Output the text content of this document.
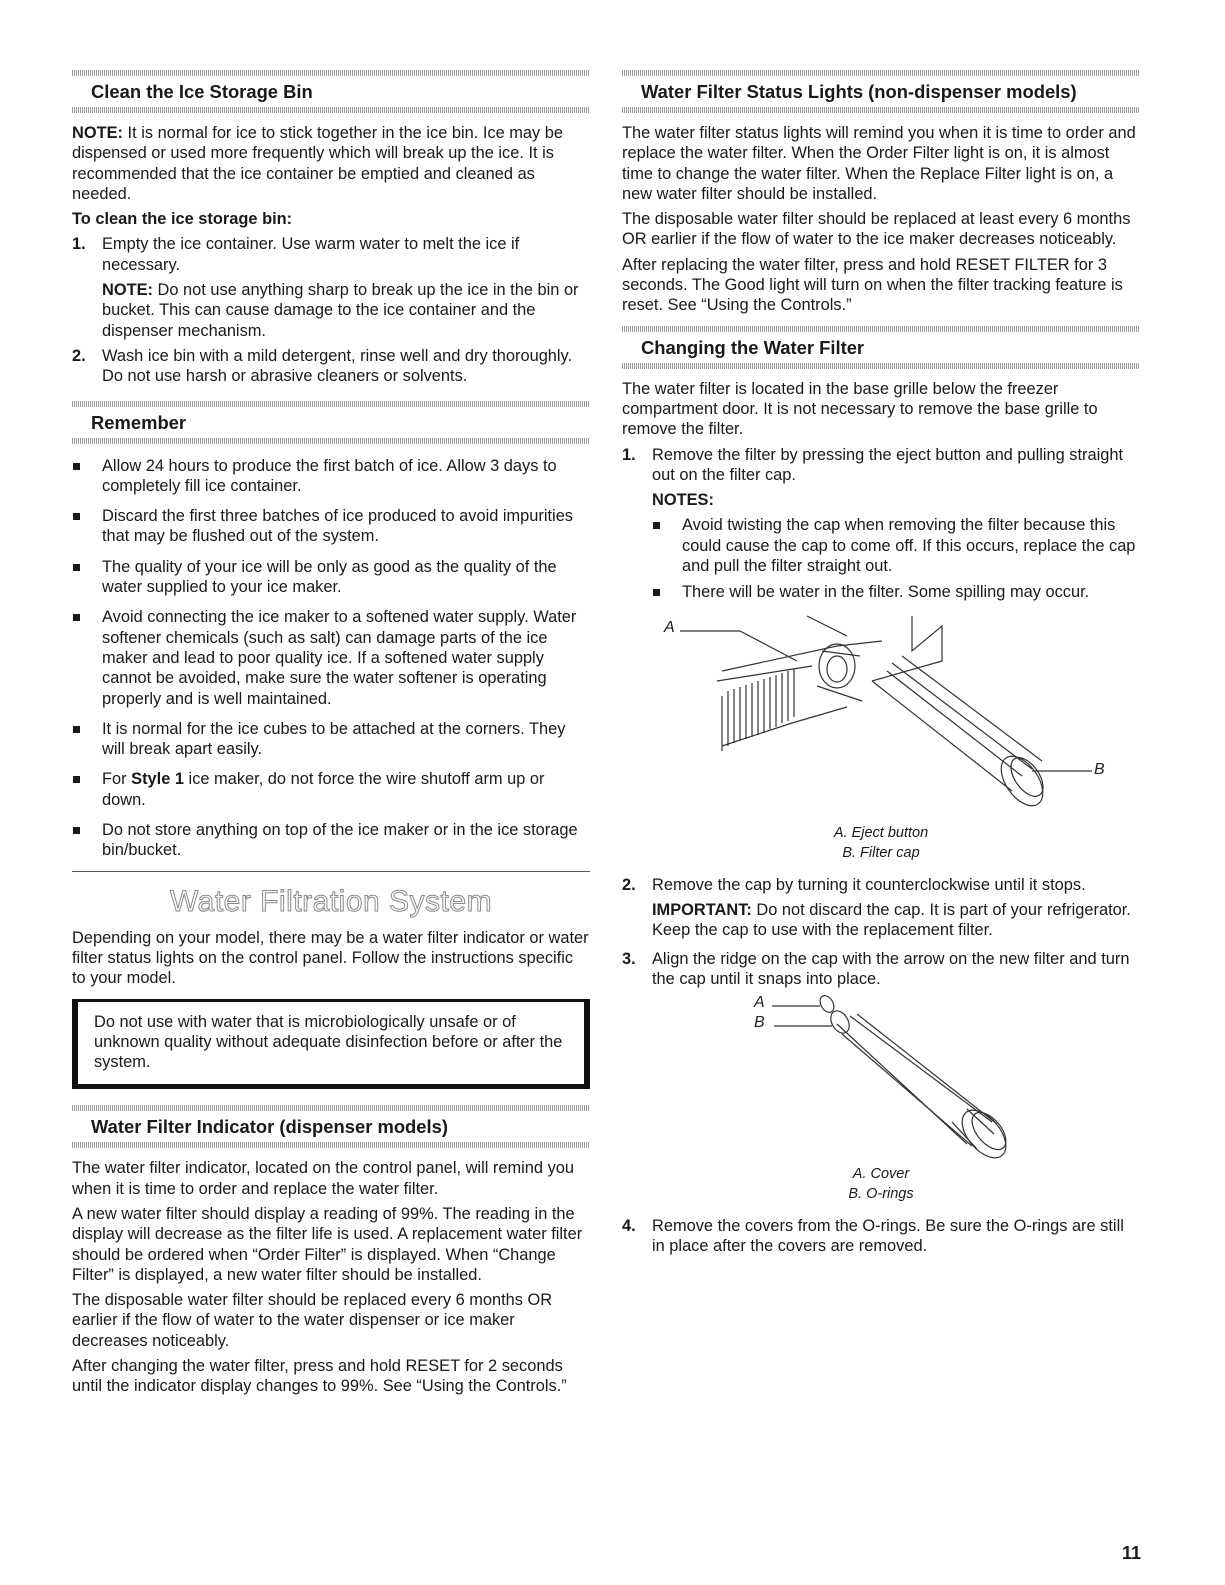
Clean the Ice Storage Bin

NOTE: It is normal for ice to stick together in the ice bin. Ice may be dispensed or used more frequently which will break up the ice. It is recommended that the ice container be emptied and cleaned as needed.

To clean the ice storage bin:

1. Empty the ice container. Use warm water to melt the ice if necessary.
NOTE: Do not use anything sharp to break up the ice in the bin or bucket. This can cause damage to the ice container and the dispenser mechanism.
2. Wash ice bin with a mild detergent, rinse well and dry thoroughly. Do not use harsh or abrasive cleaners or solvents.
Remember
Allow 24 hours to produce the first batch of ice. Allow 3 days to completely fill ice container.
Discard the first three batches of ice produced to avoid impurities that may be flushed out of the system.
The quality of your ice will be only as good as the quality of the water supplied to your ice maker.
Avoid connecting the ice maker to a softened water supply. Water softener chemicals (such as salt) can damage parts of the ice maker and lead to poor quality ice. If a softened water supply cannot be avoided, make sure the water softener is operating properly and is well maintained.
It is normal for the ice cubes to be attached at the corners. They will break apart easily.
For Style 1 ice maker, do not force the wire shutoff arm up or down.
Do not store anything on top of the ice maker or in the ice storage bin/bucket.
Water Filtration System

Depending on your model, there may be a water filter indicator or water filter status lights on the control panel. Follow the instructions specific to your model.

Do not use with water that is microbiologically unsafe or of unknown quality without adequate disinfection before or after the system.
Water Filter Indicator (dispenser models)

The water filter indicator, located on the control panel, will remind you when it is time to order and replace the water filter.

A new water filter should display a reading of 99%. The reading in the display will decrease as the filter life is used. A replacement water filter should be ordered when “Order Filter” is displayed. When “Change Filter” is displayed, a new water filter should be installed.

The disposable water filter should be replaced every 6 months OR earlier if the flow of water to the water dispenser or ice maker decreases noticeably.

After changing the water filter, press and hold RESET for 2 seconds until the indicator display changes to 99%. See “Using the Controls.”

Water Filter Status Lights (non-dispenser models)

The water filter status lights will remind you when it is time to order and replace the water filter. When the Order Filter light is on, it is almost time to change the water filter. When the Replace Filter light is on, a new water filter should be installed.

The disposable water filter should be replaced at least every 6 months OR earlier if the flow of water to the ice maker decreases noticeably.

After replacing the water filter, press and hold RESET FILTER for 3 seconds. The Good light will turn on when the filter tracking feature is reset. See “Using the Controls.”

Changing the Water Filter

The water filter is located in the base grille below the freezer compartment door. It is not necessary to remove the base grille to remove the filter.

1. Remove the filter by pressing the eject button and pulling straight out on the filter cap.
NOTES:
Avoid twisting the cap when removing the filter because this could cause the cap to come off. If this occurs, replace the cap and pull the filter straight out.
There will be water in the filter. Some spilling may occur.
A
B

A. Eject button

B. Filter cap

2. Remove the cap by turning it counterclockwise until it stops.
IMPORTANT: Do not discard the cap. It is part of your refrigerator. Keep the cap to use with the replacement filter.
3. Align the ridge on the cap with the arrow on the new filter and turn the cap until it snaps into place.
A
B

A. Cover

B. O-rings

4. Remove the covers from the O-rings. Be sure the O-rings are still in place after the covers are removed.
11
